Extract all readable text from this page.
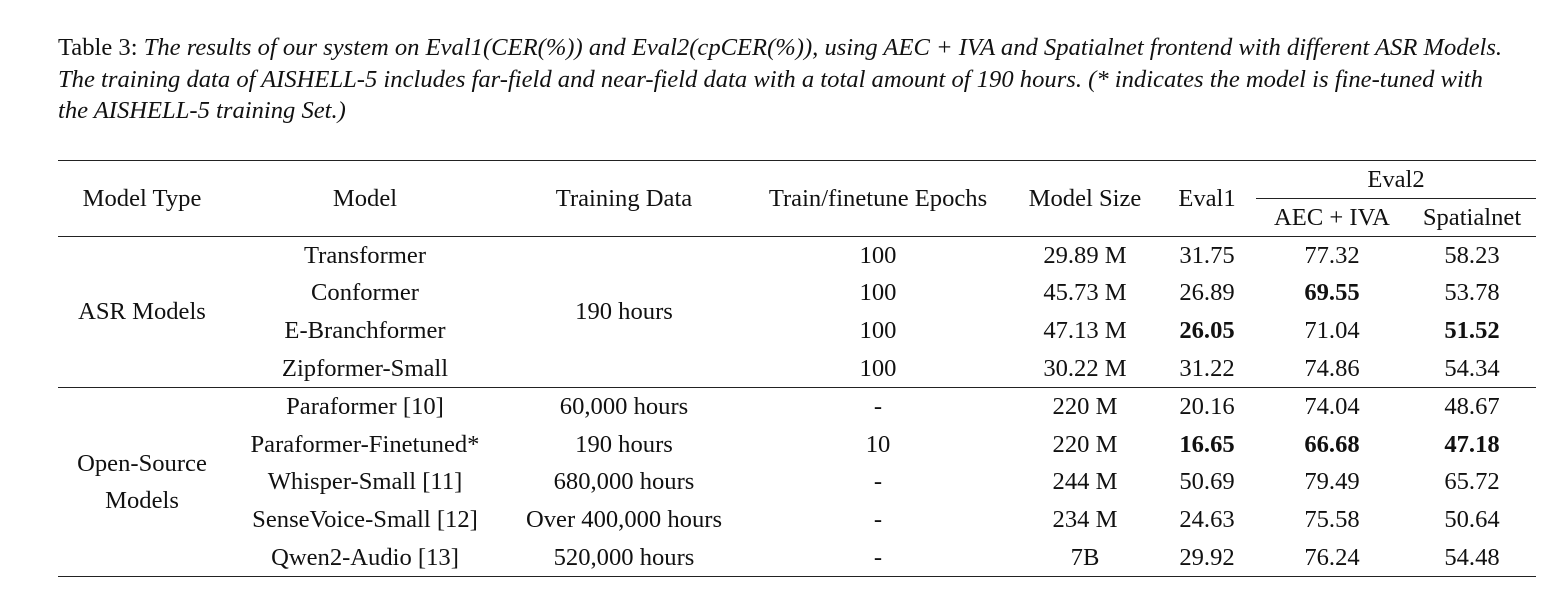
Table 3: The results of our system on Eval1(CER(%)) and Eval2(cpCER(%)), using AEC + IVA and Spatialnet frontend with different ASR Models. The training data of AISHELL-5 includes far-field and near-field data with a total amount of 190 hours. (* indicates the model is fine-tuned with the AISHELL-5 training Set.)
Model Type	Model	Training Data	Train/finetune Epochs	Model Size	Eval1	Eval2	
						AEC + IVA	Spatialnet
ASR Models	Transformer	190 hours	100	29.89 M	31.75	77.32	58.23
	Conformer		100	45.73 M	26.89	69.55	53.78
	E-Branchformer		100	47.13 M	26.05	71.04	51.52
	Zipformer-Small		100	30.22 M	31.22	74.86	54.34

Open-Source
Models	Paraformer [10]	60,000 hours	-	220 M	20.16	74.04	48.67
	Paraformer-Finetuned*	190 hours	10	220 M	16.65	66.68	47.18
	Whisper-Small [11]	680,000 hours	-	244 M	50.69	79.49	65.72
	SenseVoice-Small [12]	Over 400,000 hours	-	234 M	24.63	75.58	50.64
	Qwen2-Audio [13]	520,000 hours	-	7B	29.92	76.24	54.48
